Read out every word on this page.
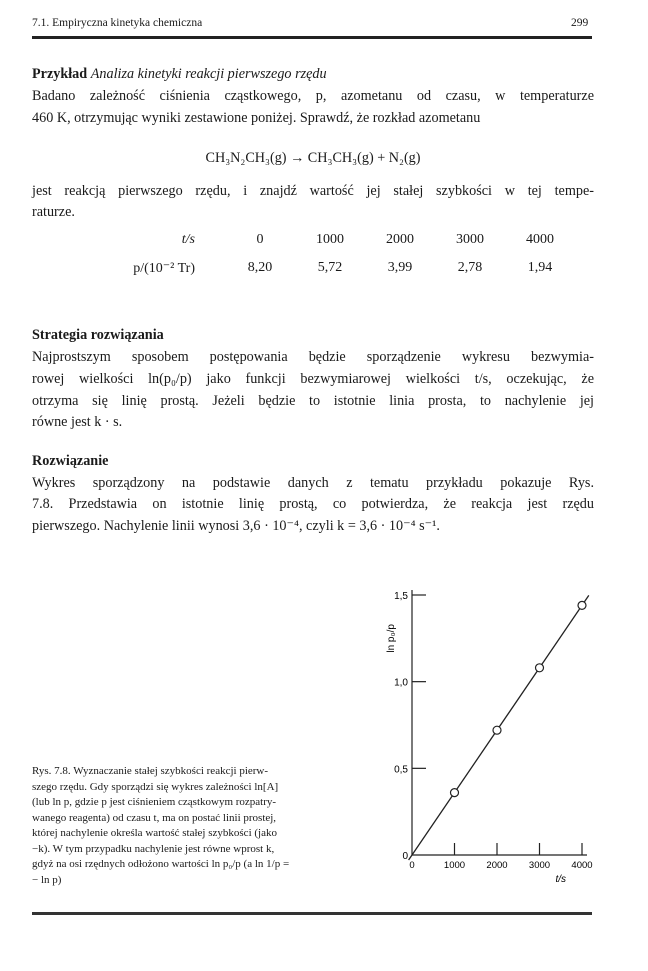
7.1. Empiryczna kinetyka chemiczna	299
Przykład Analiza kinetyki reakcji pierwszego rzędu
Badano zależność ciśnienia cząstkowego, p, azometanu od czasu, w temperaturze
460 K, otrzymując wyniki zestawione poniżej. Sprawdź, że rozkład azometanu
CH₃N₂CH₃(g) → CH₃CH₃(g) + N₂(g)
jest reakcją pierwszego rzędu, i znajdź wartość jej stałej szybkości w tej tempe-
raturze.
t/s	0	1000	2000	3000	4000
p/(10⁻² Tr)	8,20	5,72	3,99	2,78	1,94
Strategia rozwiązania
Najprostszym sposobem postępowania będzie sporządzenie wykresu bezwymia-
rowej wielkości ln(p₀/p) jako funkcji bezwymiarowej wielkości t/s, oczekując, że
otrzyma się linię prostą. Jeżeli będzie to istotnie linia prosta, to nachylenie jej
równe jest k · s.
Rozwiązanie
Wykres sporządzony na podstawie danych z tematu przykładu pokazuje Rys.
7.8. Przedstawia on istotnie linię prostą, co potwierdza, że reakcja jest rzędu
pierwszego. Nachylenie linii wynosi 3,6 · 10⁻⁴, czyli k = 3,6 · 10⁻⁴ s⁻¹.
Rys. 7.8. Wyznaczanie stałej szybkości reakcji pierw-
szego rzędu. Gdy sporządzi się wykres zależności ln[A]
(lub ln p, gdzie p jest ciśnieniem cząstkowym rozpatry-
wanego reagenta) od czasu t, ma on postać linii prostej,
której nachylenie określa wartość stałej szybkości (jako
−k). W tym przypadku nachylenie jest równe wprost k,
gdyż na osi rzędnych odłożono wartości ln p₀/p (a ln 1/p =
− ln p)
0
0,5
1,0
1,5
0	1000 2000 3000 4000
ln p₀/p
t/s
